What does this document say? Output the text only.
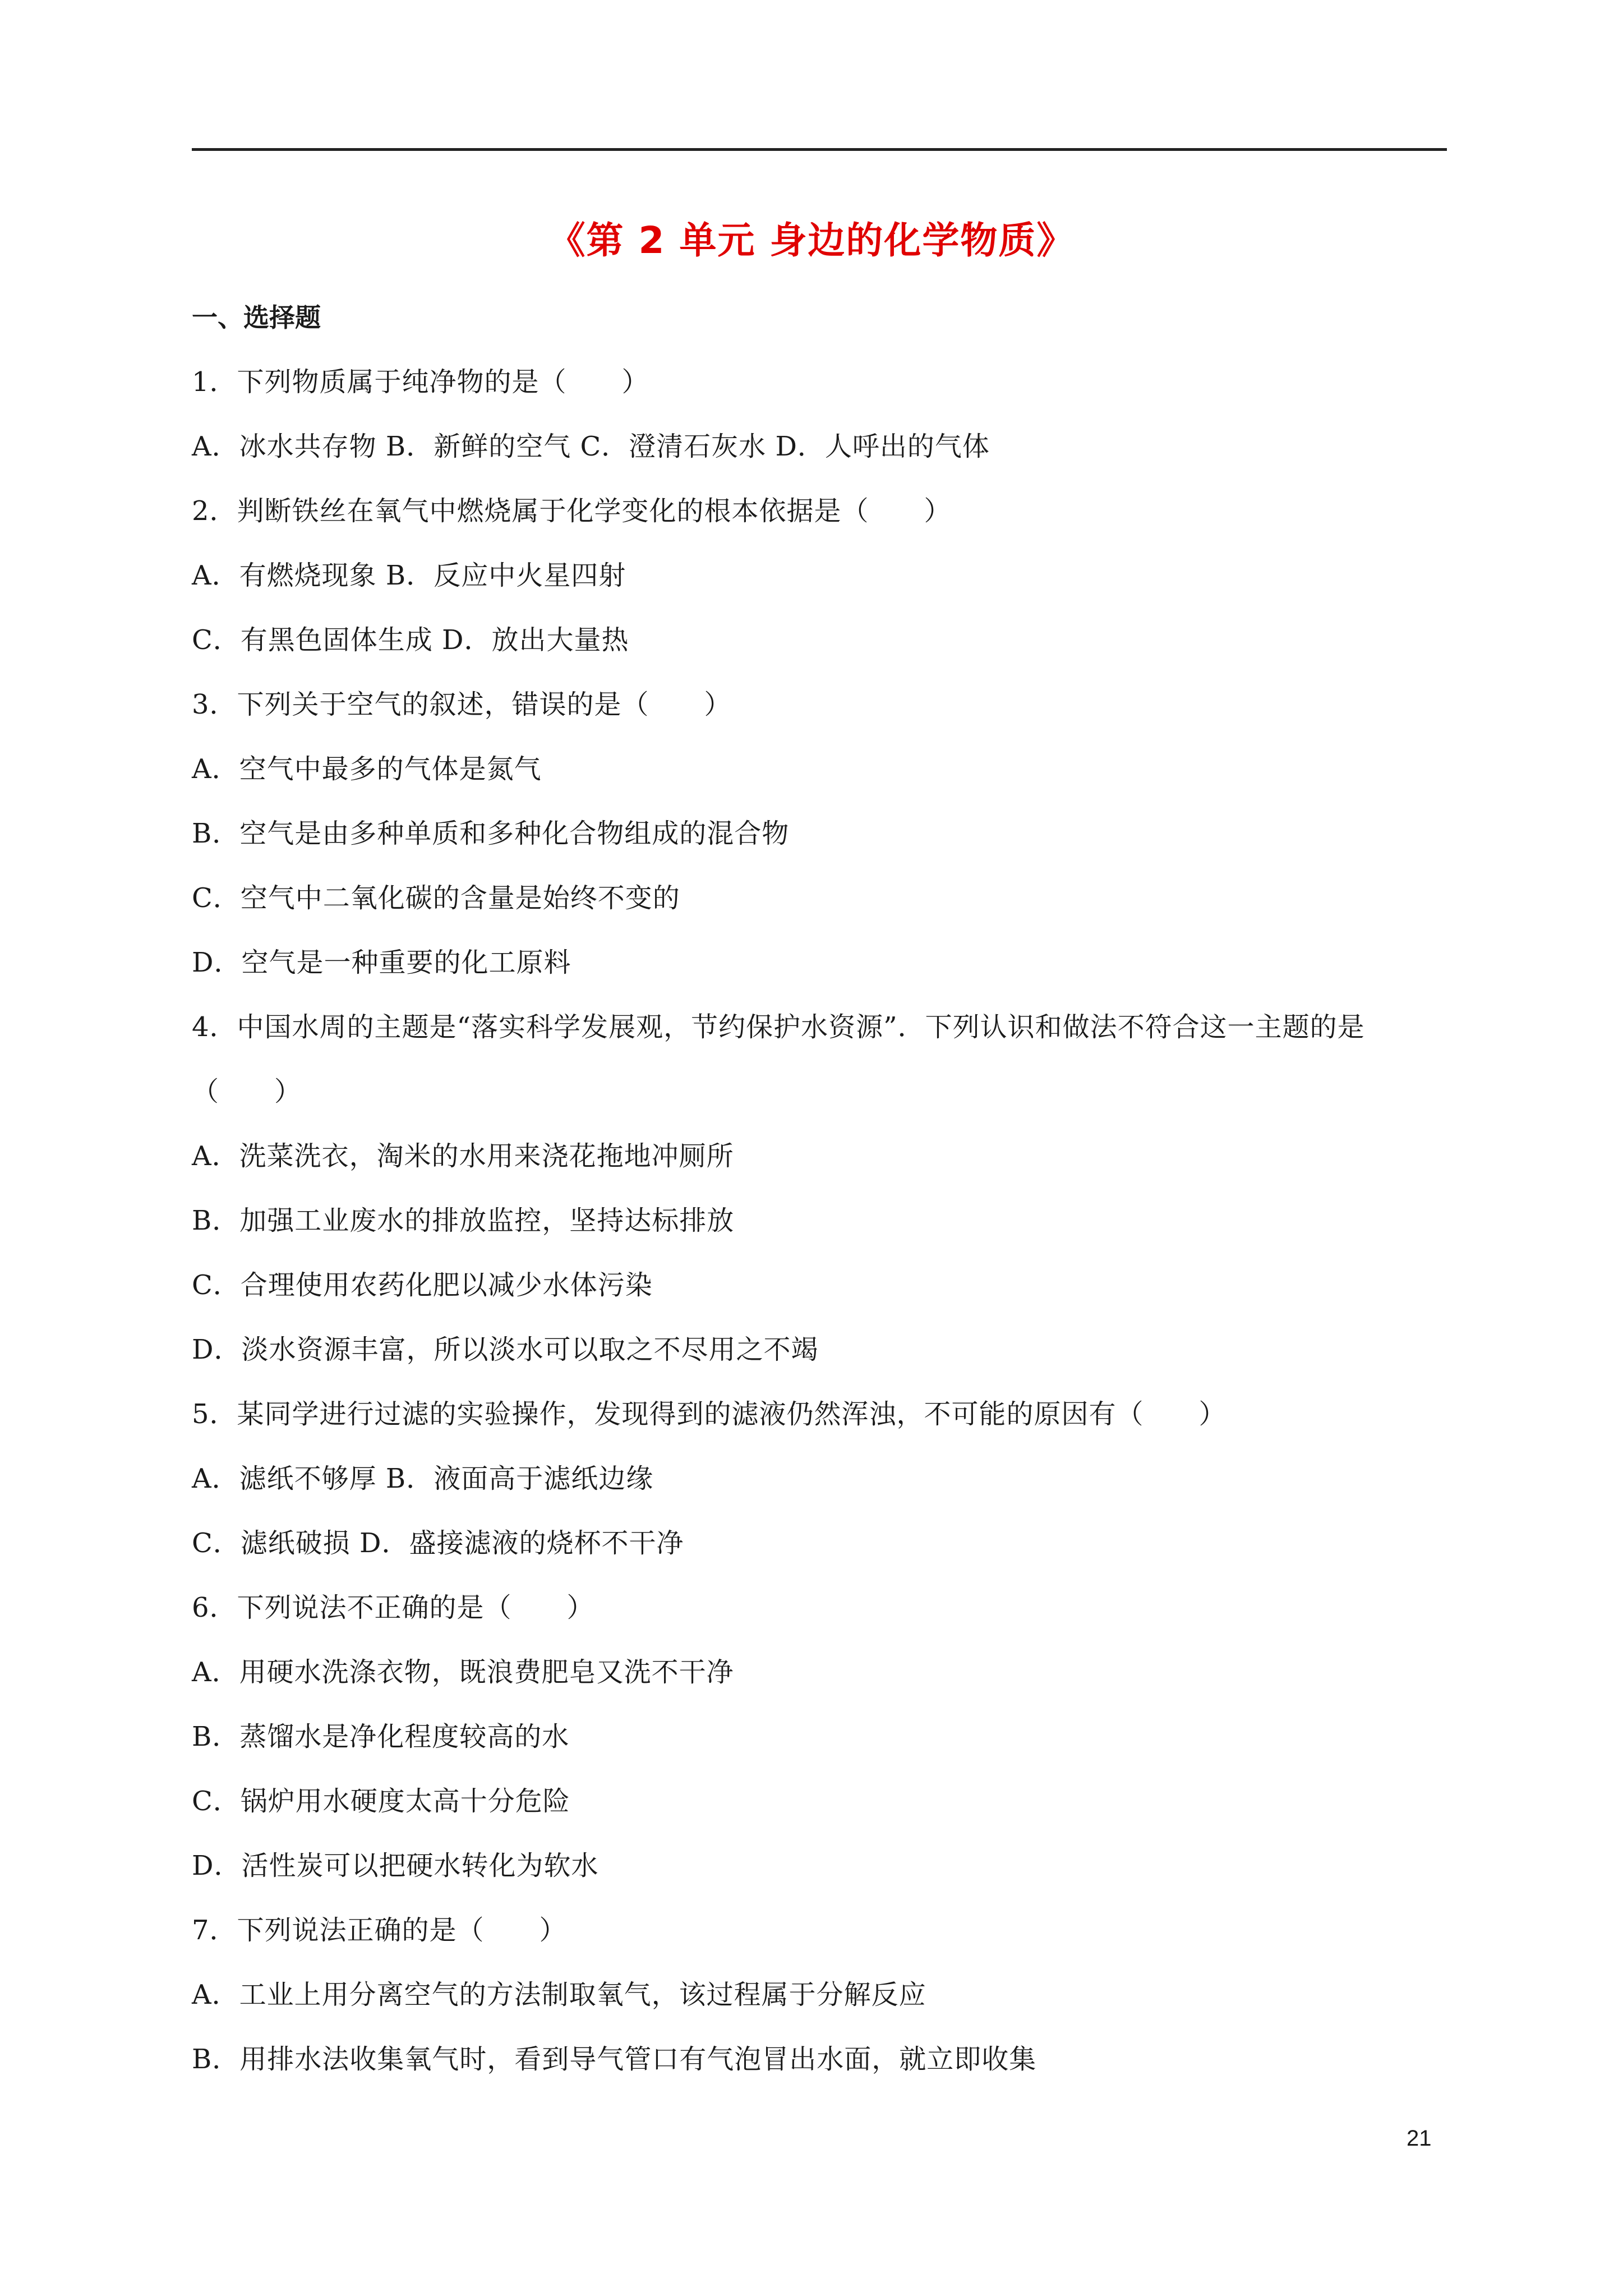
《第 2 单元 身边的化学物质》
一、选择题
1．下列物质属于纯净物的是（　　）
A．冰水共存物 B．新鲜的空气 C．澄清石灰水 D．人呼出的气体
2．判断铁丝在氧气中燃烧属于化学变化的根本依据是（　　）
A．有燃烧现象 B．反应中火星四射
C．有黑色固体生成 D．放出大量热
3．下列关于空气的叙述，错误的是（　　）
A．空气中最多的气体是氮气
B．空气是由多种单质和多种化合物组成的混合物
C．空气中二氧化碳的含量是始终不变的
D．空气是一种重要的化工原料
4．中国水周的主题是“落实科学发展观，节约保护水资源”．下列认识和做法不符合这一主题的是
（　　）
A．洗菜洗衣，淘米的水用来浇花拖地冲厕所
B．加强工业废水的排放监控，坚持达标排放
C．合理使用农药化肥以减少水体污染
D．淡水资源丰富，所以淡水可以取之不尽用之不竭
5．某同学进行过滤的实验操作，发现得到的滤液仍然浑浊，不可能的原因有（　　）
A．滤纸不够厚 B．液面高于滤纸边缘
C．滤纸破损 D．盛接滤液的烧杯不干净
6．下列说法不正确的是（　　）
A．用硬水洗涤衣物，既浪费肥皂又洗不干净
B．蒸馏水是净化程度较高的水
C．锅炉用水硬度太高十分危险
D．活性炭可以把硬水转化为软水
7．下列说法正确的是（　　）
A．工业上用分离空气的方法制取氧气，该过程属于分解反应
B．用排水法收集氧气时，看到导气管口有气泡冒出水面，就立即收集
21
